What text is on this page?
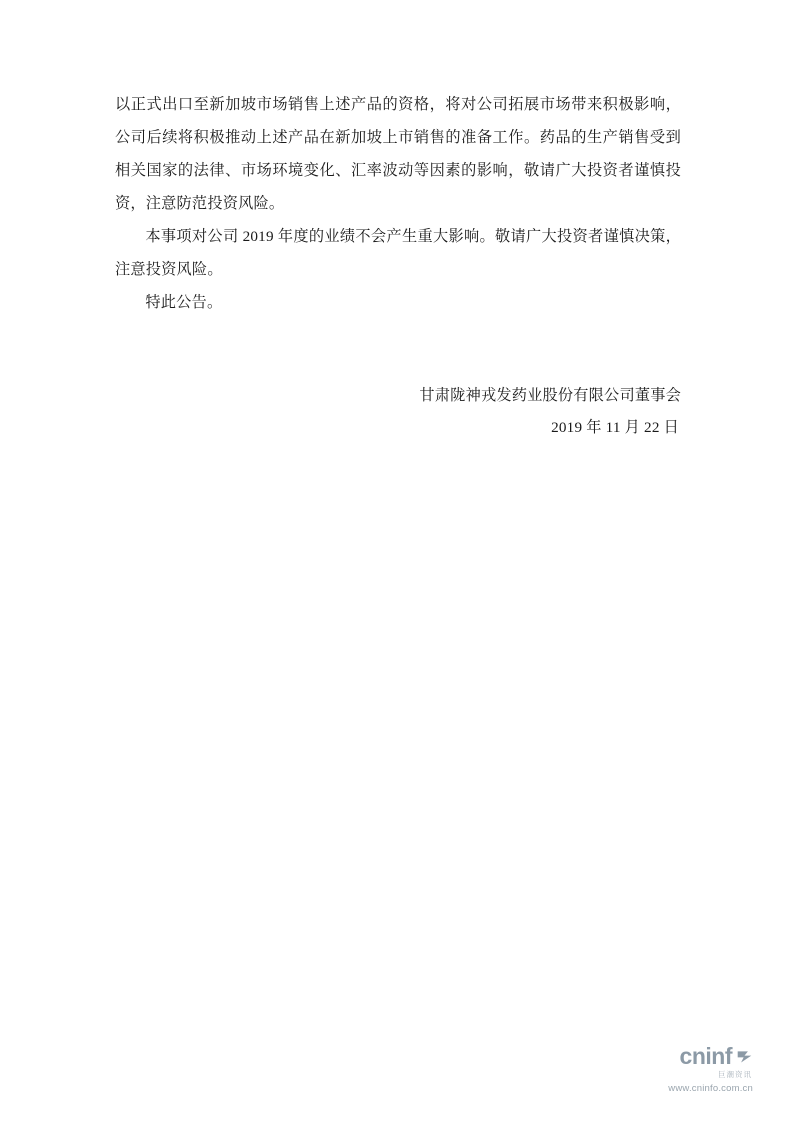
以正式出口至新加坡市场销售上述产品的资格，将对公司拓展市场带来积极影响，公司后续将积极推动上述产品在新加坡上市销售的准备工作。药品的生产销售受到相关国家的法律、市场环境变化、汇率波动等因素的影响，敬请广大投资者谨慎投资，注意防范投资风险。

本事项对公司 2019 年度的业绩不会产生重大影响。敬请广大投资者谨慎决策，注意投资风险。

特此公告。

甘肃陇神戎发药业股份有限公司董事会
2019 年 11 月 22 日
cninf
巨潮资讯
www.cninfo.com.cn
